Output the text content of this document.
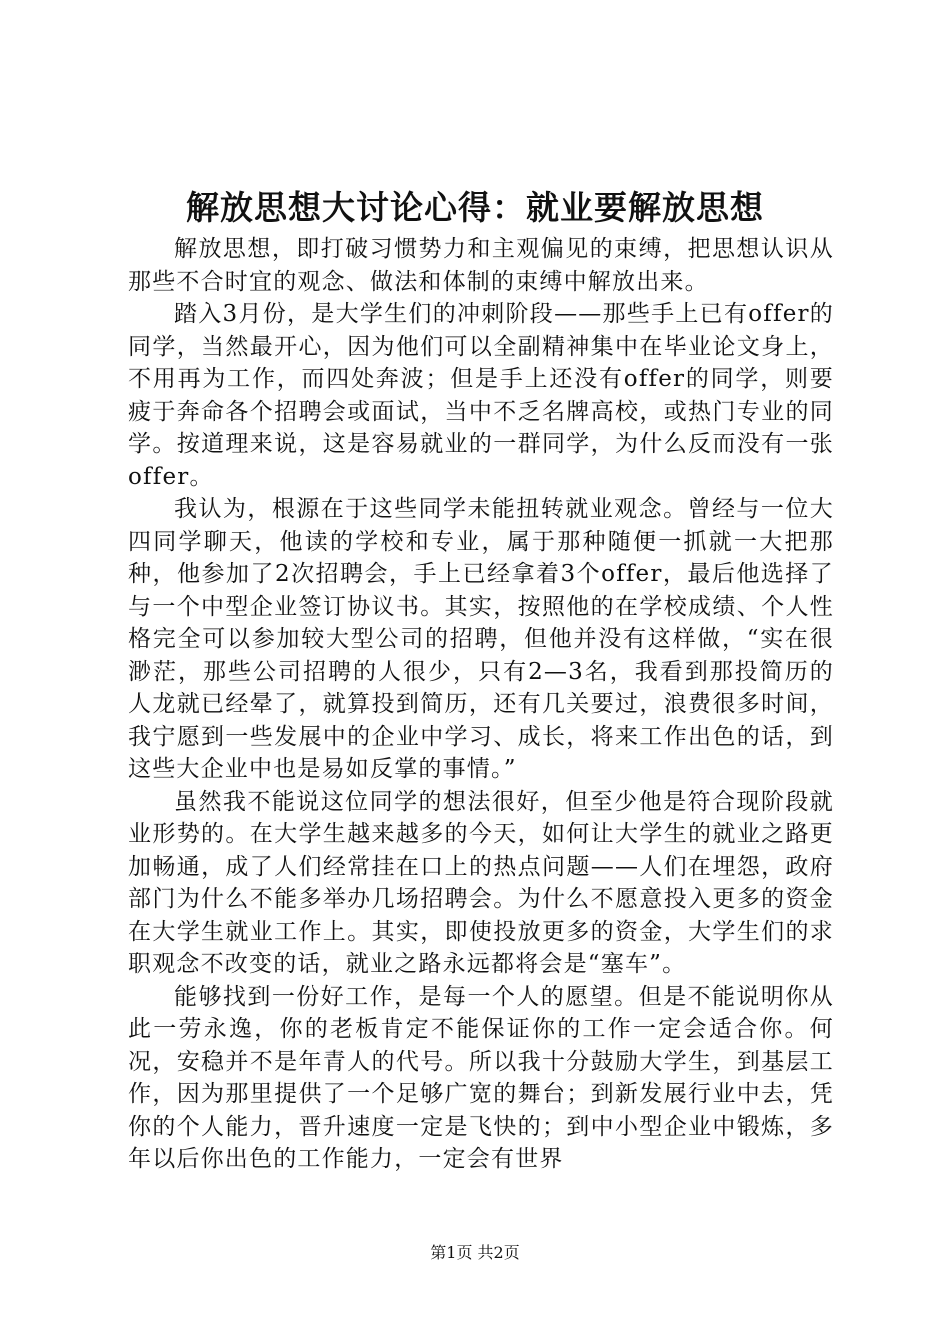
解放思想大讨论心得：就业要解放思想

解放思想，即打破习惯势力和主观偏见的束缚，把思想认识从那些不合时宜的观念、做法和体制的束缚中解放出来。

踏入3月份，是大学生们的冲刺阶段——那些手上已有offer的同学，当然最开心，因为他们可以全副精神集中在毕业论文身上，不用再为工作，而四处奔波；但是手上还没有offer的同学，则要疲于奔命各个招聘会或面试，当中不乏名牌高校，或热门专业的同学。按道理来说，这是容易就业的一群同学，为什么反而没有一张offer。

我认为，根源在于这些同学未能扭转就业观念。曾经与一位大四同学聊天，他读的学校和专业，属于那种随便一抓就一大把那种，他参加了2次招聘会，手上已经拿着3个offer，最后他选择了与一个中型企业签订协议书。其实，按照他的在学校成绩、个人性格完全可以参加较大型公司的招聘，但他并没有这样做，“实在很渺茫，那些公司招聘的人很少，只有2—3名，我看到那投简历的人龙就已经晕了，就算投到简历，还有几关要过，浪费很多时间，我宁愿到一些发展中的企业中学习、成长，将来工作出色的话，到这些大企业中也是易如反掌的事情。”

虽然我不能说这位同学的想法很好，但至少他是符合现阶段就业形势的。在大学生越来越多的今天，如何让大学生的就业之路更加畅通，成了人们经常挂在口上的热点问题——人们在埋怨，政府部门为什么不能多举办几场招聘会。为什么不愿意投入更多的资金在大学生就业工作上。其实，即使投放更多的资金，大学生们的求职观念不改变的话，就业之路永远都将会是“塞车”。

能够找到一份好工作，是每一个人的愿望。但是不能说明你从此一劳永逸，你的老板肯定不能保证你的工作一定会适合你。何况，安稳并不是年青人的代号。所以我十分鼓励大学生，到基层工作，因为那里提供了一个足够广宽的舞台；到新发展行业中去，凭你的个人能力，晋升速度一定是飞快的；到中小型企业中锻炼，多年以后你出色的工作能力，一定会有世界

第1页 共2页
